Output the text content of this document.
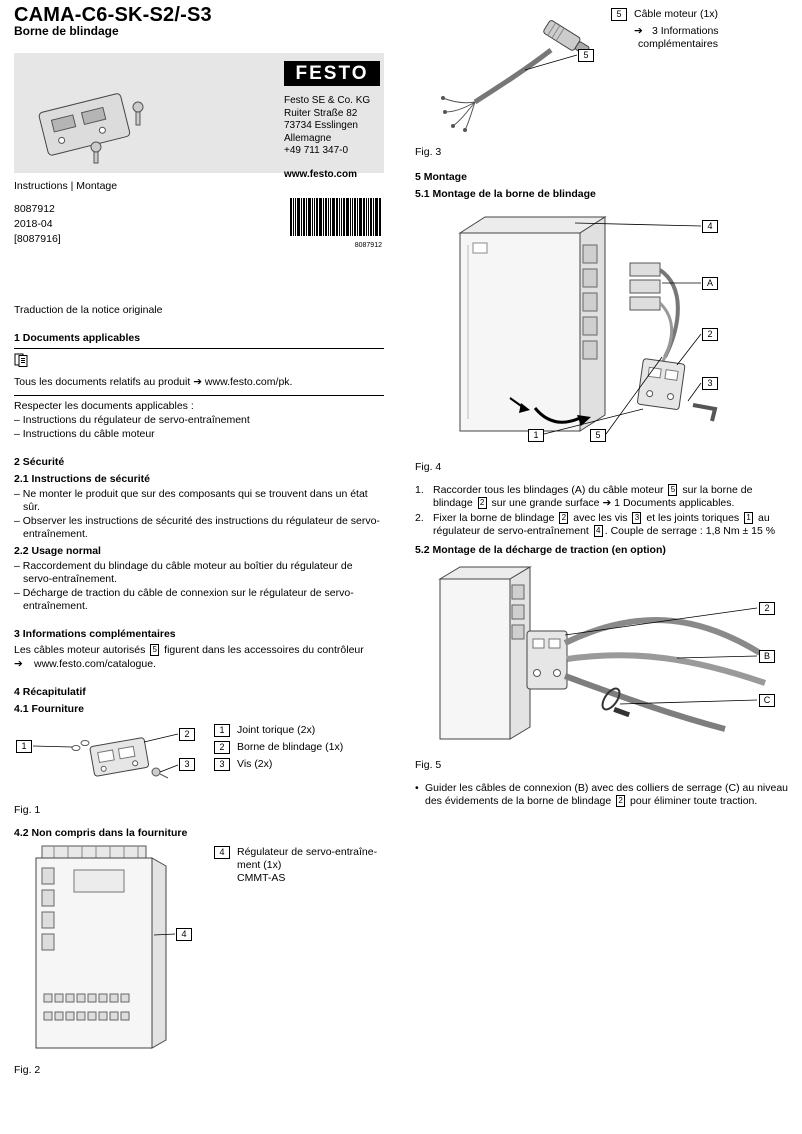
CAMA-C6-SK-S2/-S3
Borne de blindage
FESTO
Festo SE & Co. KG
Ruiter Straße 82
73734 Esslingen
Allemagne
+49 711 347-0
www.festo.com
Instructions | Montage
8087912
2018-04
[8087916]
8087912
Traduction de la notice originale
1 Documents applicables
Tous les documents relatifs au produit ➔ www.festo.com/pk.

Respecter les documents applicables :

– Instructions du régulateur de servo-entraînement

– Instructions du câble moteur

2 Sécurité
2.1 Instructions de sécurité

– Ne monter le produit que sur des composants qui se trouvent dans un état sûr.

– Observer les instructions de sécurité des instructions du régulateur de servo-entraînement.

2.2 Usage normal

– Raccordement du blindage du câble moteur au boîtier du régulateur de servo-entraînement.

– Décharge de traction du câble de connexion sur le régulateur de servo-entraînement.

3 Informations complémentaires

Les câbles moteur autorisés 5 figurent dans les accessoires du contrôleur

➔	www.festo.com/catalogue.
4 Récapitulatif
4.1 Fourniture
1
2
3
1	Joint torique (2x)
2	Borne de blindage (1x)
3	Vis (2x)
Fig. 1
4.2 Non compris dans la fourniture
4
4	Régulateur de servo-entraîne-
ment (1x)
CMMT-AS
Fig. 2
5
5	Câble moteur (1x)
➔ 3 Informations
complémentaires
Fig. 3
5 Montage
5.1 Montage de la borne de blindage
4
A
2
3
1	5
Fig. 4
1. Raccorder tous les blindages (A) du câble moteur 5 sur la borne de blindage 2 sur une grande surface ➔ 1 Documents applicables.
2. Fixer la borne de blindage 2 avec les vis 3 et les joints toriques 1 au régulateur de servo-entraînement 4 . Couple de serrage : 1,8 Nm ± 15 %
5.2 Montage de la décharge de traction (en option)
2
B
C
Fig. 5
• Guider les câbles de connexion (B) avec des colliers de serrage (C) au niveau des évidements de la borne de blindage 2 pour éliminer toute traction.
